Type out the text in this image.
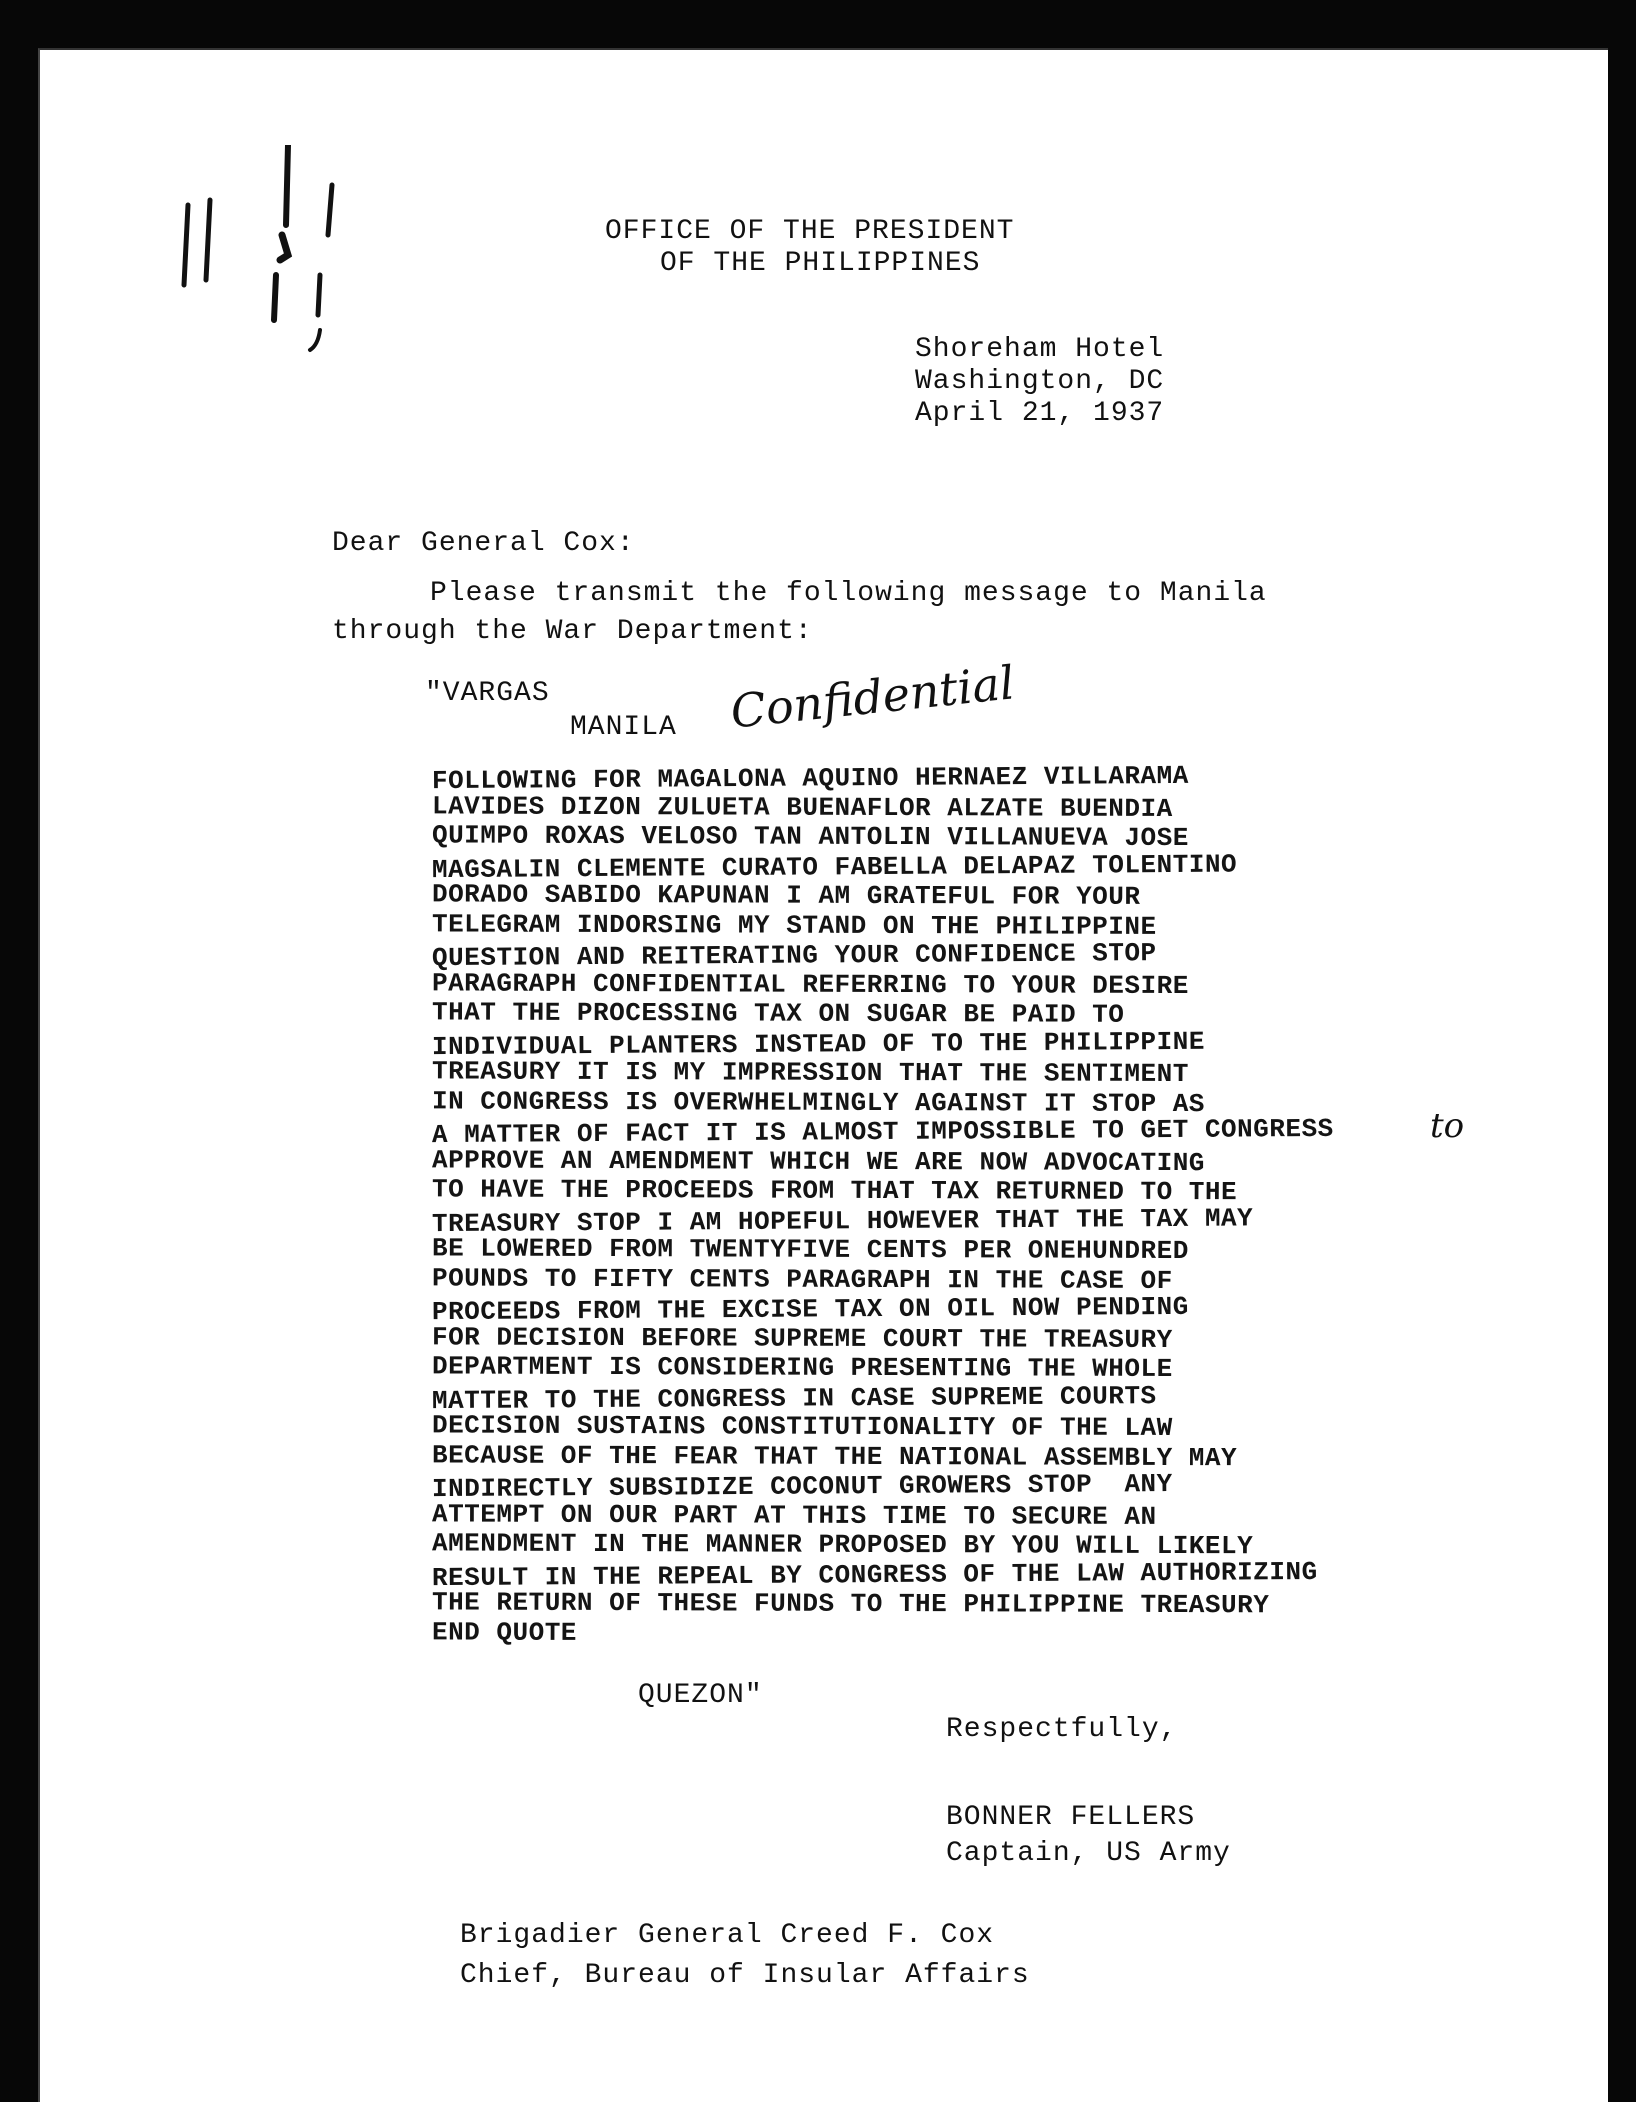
OFFICE OF THE PRESIDENT
OF THE PHILIPPINES
Shoreham Hotel
Washington, DC
April 21, 1937
Dear General Cox:
Please transmit the following message to Manila
through the War Department:
"VARGAS
MANILA Confidential
FOLLOWING FOR MAGALONA AQUINO HERNAEZ VILLARAMA
LAVIDES DIZON ZULUETA BUENAFLOR ALZATE BUENDIA
QUIMPO ROXAS VELOSO TAN ANTOLIN VILLANUEVA JOSE
MAGSALIN CLEMENTE CURATO FABELLA DELAPAZ TOLENTINO
DORADO SABIDO KAPUNAN I AM GRATEFUL FOR YOUR
TELEGRAM INDORSING MY STAND ON THE PHILIPPINE
QUESTION AND REITERATING YOUR CONFIDENCE STOP
PARAGRAPH CONFIDENTIAL REFERRING TO YOUR DESIRE
THAT THE PROCESSING TAX ON SUGAR BE PAID TO
INDIVIDUAL PLANTERS INSTEAD OF TO THE PHILIPPINE
TREASURY IT IS MY IMPRESSION THAT THE SENTIMENT
IN CONGRESS IS OVERWHELMINGLY AGAINST IT STOP AS
A MATTER OF FACT IT IS ALMOST IMPOSSIBLE TO GET CONGRESS
APPROVE AN AMENDMENT WHICH WE ARE NOW ADVOCATING
TO HAVE THE PROCEEDS FROM THAT TAX RETURNED TO THE
TREASURY STOP I AM HOPEFUL HOWEVER THAT THE TAX MAY
BE LOWERED FROM TWENTYFIVE CENTS PER ONEHUNDRED
POUNDS TO FIFTY CENTS PARAGRAPH IN THE CASE OF
PROCEEDS FROM THE EXCISE TAX ON OIL NOW PENDING
FOR DECISION BEFORE SUPREME COURT THE TREASURY
DEPARTMENT IS CONSIDERING PRESENTING THE WHOLE
MATTER TO THE CONGRESS IN CASE SUPREME COURTS
DECISION SUSTAINS CONSTITUTIONALITY OF THE LAW
BECAUSE OF THE FEAR THAT THE NATIONAL ASSEMBLY MAY
INDIRECTLY SUBSIDIZE COCONUT GROWERS STOP  ANY
ATTEMPT ON OUR PART AT THIS TIME TO SECURE AN
AMENDMENT IN THE MANNER PROPOSED BY YOU WILL LIKELY
RESULT IN THE REPEAL BY CONGRESS OF THE LAW AUTHORIZING
THE RETURN OF THESE FUNDS TO THE PHILIPPINE TREASURY
END QUOTE
to
QUEZON"
Respectfully,
BONNER FELLERS
Captain, US Army
Brigadier General Creed F. Cox
Chief, Bureau of Insular Affairs
